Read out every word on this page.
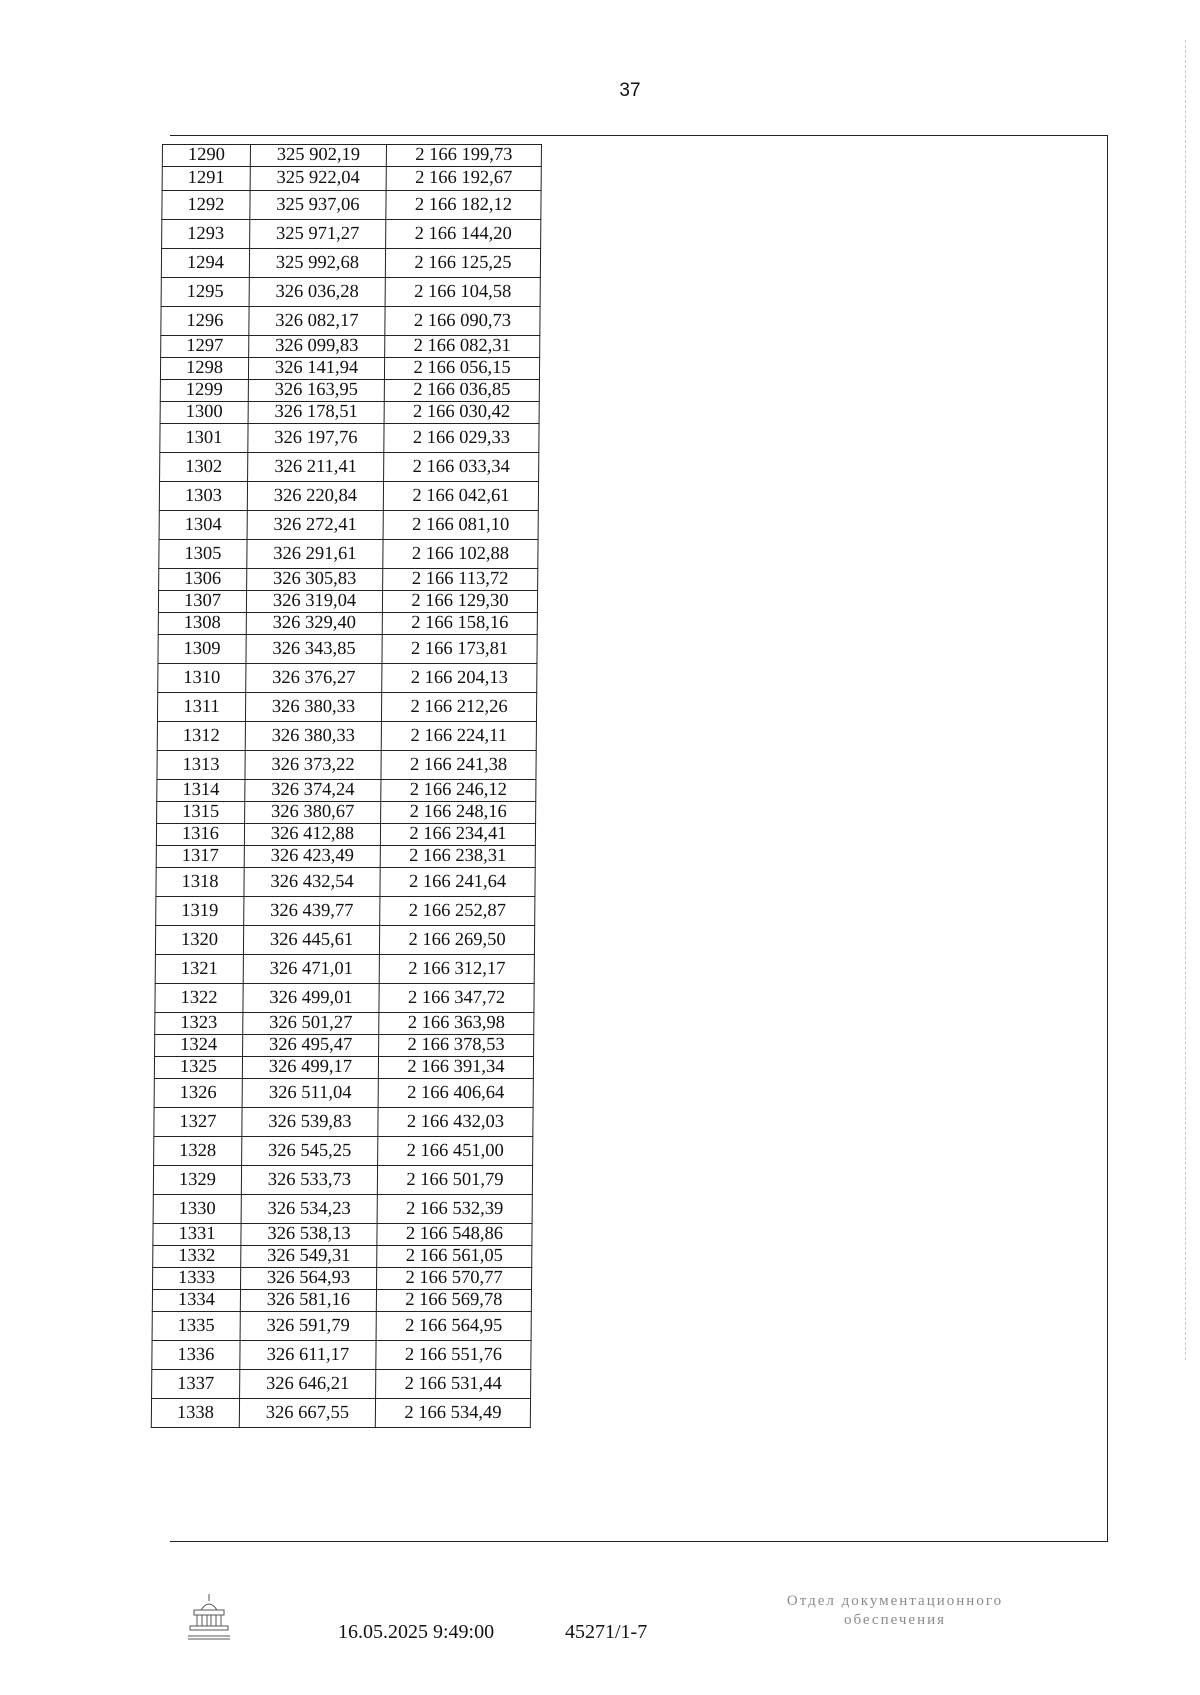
37
1290	325 902,19	2 166 199,73
1291	325 922,04	2 166 192,67
1292	325 937,06	2 166 182,12
1293	325 971,27	2 166 144,20
1294	325 992,68	2 166 125,25
1295	326 036,28	2 166 104,58
1296	326 082,17	2 166 090,73
1297	326 099,83	2 166 082,31
1298	326 141,94	2 166 056,15
1299	326 163,95	2 166 036,85
1300	326 178,51	2 166 030,42
1301	326 197,76	2 166 029,33
1302	326 211,41	2 166 033,34
1303	326 220,84	2 166 042,61
1304	326 272,41	2 166 081,10
1305	326 291,61	2 166 102,88
1306	326 305,83	2 166 113,72
1307	326 319,04	2 166 129,30
1308	326 329,40	2 166 158,16
1309	326 343,85	2 166 173,81
1310	326 376,27	2 166 204,13
1311	326 380,33	2 166 212,26
1312	326 380,33	2 166 224,11
1313	326 373,22	2 166 241,38
1314	326 374,24	2 166 246,12
1315	326 380,67	2 166 248,16
1316	326 412,88	2 166 234,41
1317	326 423,49	2 166 238,31
1318	326 432,54	2 166 241,64
1319	326 439,77	2 166 252,87
1320	326 445,61	2 166 269,50
1321	326 471,01	2 166 312,17
1322	326 499,01	2 166 347,72
1323	326 501,27	2 166 363,98
1324	326 495,47	2 166 378,53
1325	326 499,17	2 166 391,34
1326	326 511,04	2 166 406,64
1327	326 539,83	2 166 432,03
1328	326 545,25	2 166 451,00
1329	326 533,73	2 166 501,79
1330	326 534,23	2 166 532,39
1331	326 538,13	2 166 548,86
1332	326 549,31	2 166 561,05
1333	326 564,93	2 166 570,77
1334	326 581,16	2 166 569,78
1335	326 591,79	2 166 564,95
1336	326 611,17	2 166 551,76
1337	326 646,21	2 166 531,44
1338	326 667,55	2 166 534,49
16.05.2025 9:49:00	45271/1-7
Отдел документационного
обеспечения
